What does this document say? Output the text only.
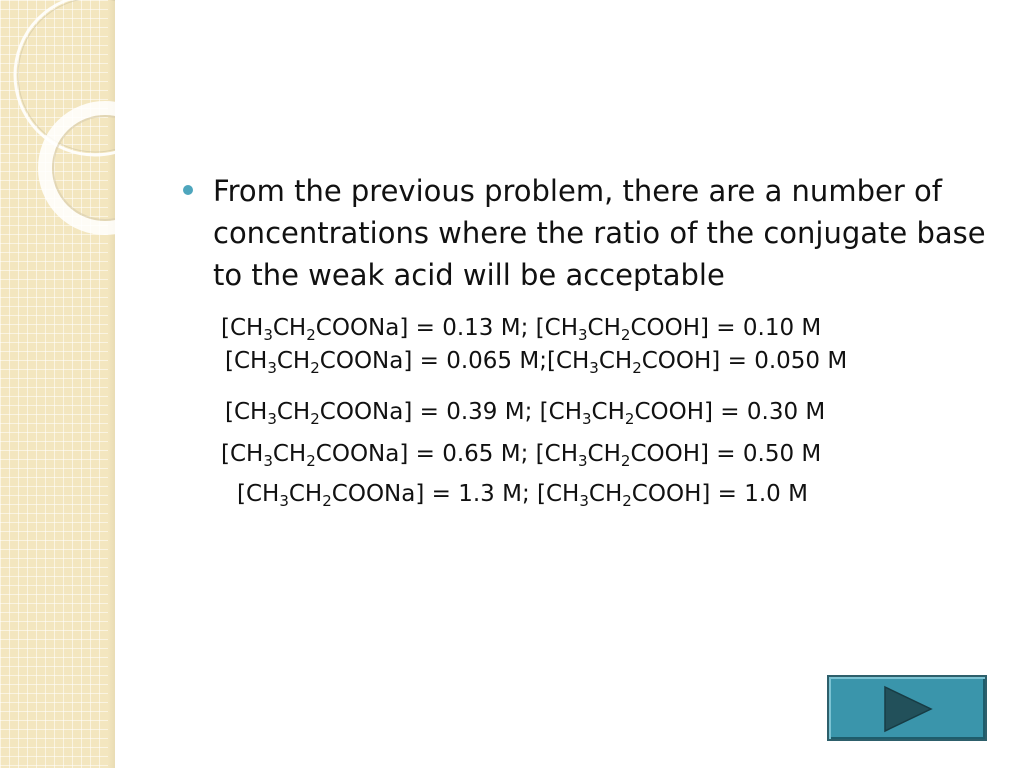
From the previous problem, there are a number of concentrations where the ratio of the conjugate base to the weak acid will be acceptable
$[CH_3CH_2COONa] = 0.13$ M; $[CH_3CH_2COOH] = 0.10$ M
$[CH_3CH_2COONa] = 0.065$ $M;[CH_3CH_2COOH] = 0.050$ M
$[CH_3CH_2COONa] = 0.39$ M; $[CH_3CH_2COOH] = 0.30$ M
$[CH_3CH_2COONa] = 0.65$ M; $[CH_3CH_2COOH] = 0.50$ M
$[CH_3CH_2COONa] = 1.3$ M; $[CH_3CH_2COOH] = 1.0$ M
